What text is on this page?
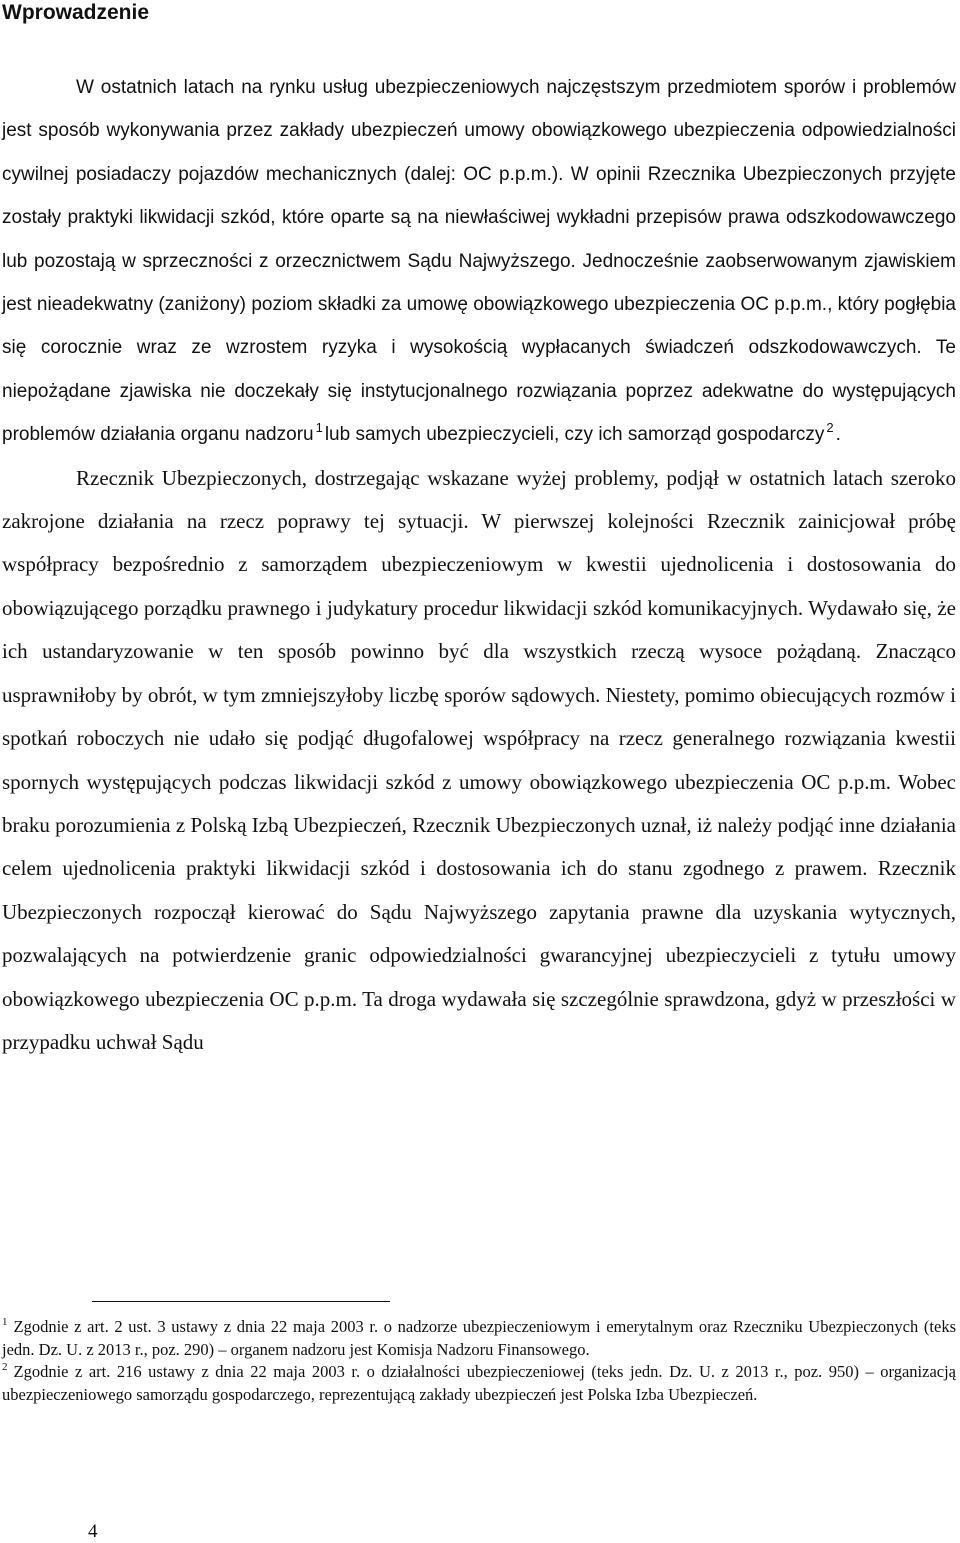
Wprowadzenie

W ostatnich latach na rynku usług ubezpieczeniowych najczęstszym przedmiotem sporów i problemów jest sposób wykonywania przez zakłady ubezpieczeń umowy obowiązkowego ubezpieczenia odpowiedzialności cywilnej posiadaczy pojazdów mechanicznych (dalej: OC p.p.m.). W opinii Rzecznika Ubezpieczonych przyjęte zostały praktyki likwidacji szkód, które oparte są na niewłaściwej wykładni przepisów prawa odszkodowawczego lub pozostają w sprzeczności z orzecznictwem Sądu Najwyższego. Jednocześnie zaobserwowanym zjawiskiem jest nieadekwatny (zaniżony) poziom składki za umowę obowiązkowego ubezpieczenia OC p.p.m., który pogłębia się corocznie wraz ze wzrostem ryzyka i wysokością wypłacanych świadczeń odszkodowawczych. Te niepożądane zjawiska nie doczekały się instytucjonalnego rozwiązania poprzez adekwatne do występujących problemów działania organu nadzoru $^1$ lub samych ubezpieczycieli, czy ich samorząd gospodarczy $^2$ .

Rzecznik Ubezpieczonych, dostrzegając wskazane wyżej problemy, podjął w ostatnich latach szeroko zakrojone działania na rzecz poprawy tej sytuacji. W pierwszej kolejności Rzecznik zainicjował próbę współpracy bezpośrednio z samorządem ubezpieczeniowym w kwestii ujednolicenia i dostosowania do obowiązującego porządku prawnego i judykatury procedur likwidacji szkód komunikacyjnych. Wydawało się, że ich ustandaryzowanie w ten sposób powinno być dla wszystkich rzeczą wysoce pożądaną. Znacząco usprawniłoby by obrót, w tym zmniejszyłoby liczbę sporów sądowych. Niestety, pomimo obiecujących rozmów i spotkań roboczych nie udało się podjąć długofalowej współpracy na rzecz generalnego rozwiązania kwestii spornych występujących podczas likwidacji szkód z umowy obowiązkowego ubezpieczenia OC p.p.m. Wobec braku porozumienia z Polską Izbą Ubezpieczeń, Rzecznik Ubezpieczonych uznał, iż należy podjąć inne działania celem ujednolicenia praktyki likwidacji szkód i dostosowania ich do stanu zgodnego z prawem. Rzecznik Ubezpieczonych rozpoczął kierować do Sądu Najwyższego zapytania prawne dla uzyskania wytycznych, pozwalających na potwierdzenie granic odpowiedzialności gwarancyjnej ubezpieczycieli z tytułu umowy obowiązkowego ubezpieczenia OC p.p.m. Ta droga wydawała się szczególnie sprawdzona, gdyż w przeszłości w przypadku uchwał Sądu

$^1$ Zgodnie z art. 2 ust. 3 ustawy z dnia 22 maja 2003 r. o nadzorze ubezpieczeniowym i emerytalnym oraz Rzeczniku Ubezpieczonych (teks jedn. Dz. U. z 2013 r., poz. 290) – organem nadzoru jest Komisja Nadzoru Finansowego.

$^2$ Zgodnie z art. 216 ustawy z dnia 22 maja 2003 r. o działalności ubezpieczeniowej (teks jedn. Dz. U. z 2013 r., poz. 950) – organizacją ubezpieczeniowego samorządu gospodarczego, reprezentującą zakłady ubezpieczeń jest Polska Izba Ubezpieczeń.

4
